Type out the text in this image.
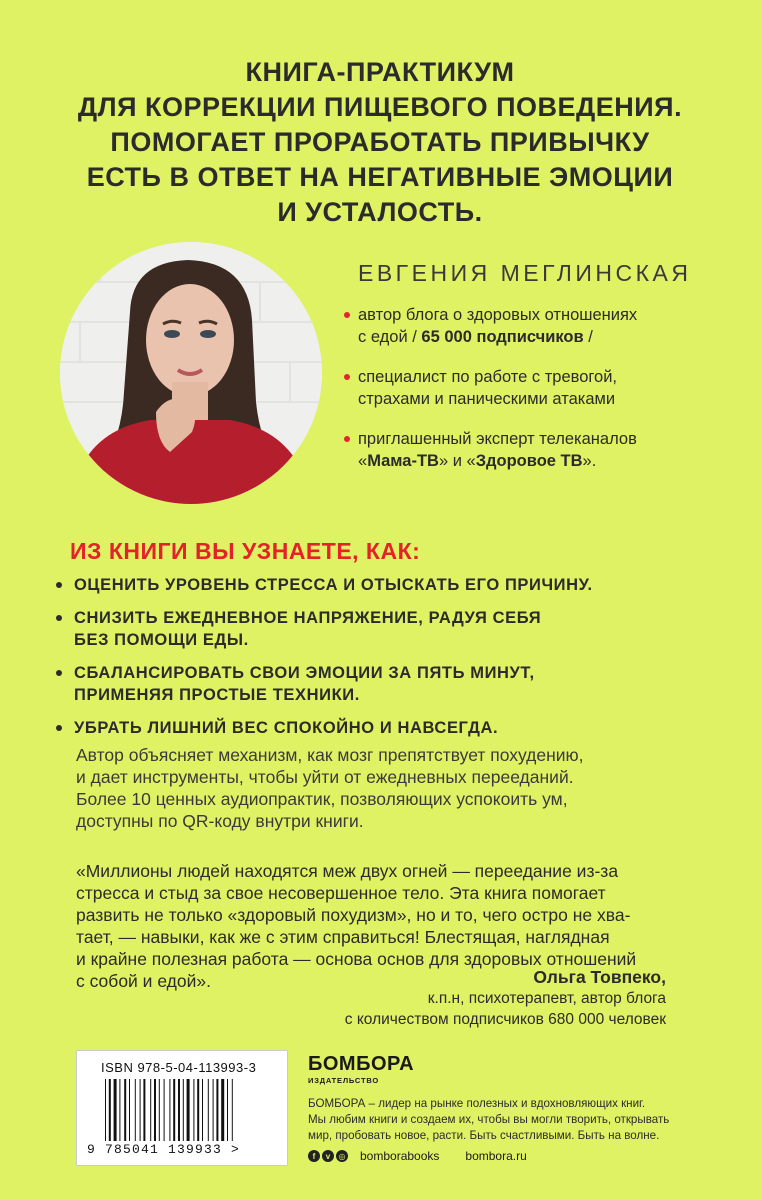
КНИГА-ПРАКТИКУМ
ДЛЯ КОРРЕКЦИИ ПИЩЕВОГО ПОВЕДЕНИЯ.
ПОМОГАЕТ ПРОРАБОТАТЬ ПРИВЫЧКУ
ЕСТЬ В ОТВЕТ НА НЕГАТИВНЫЕ ЭМОЦИИ
И УСТАЛОСТЬ.
ЕВГЕНИЯ МЕГЛИНСКАЯ
автор блога о здоровых отношениях
с едой / 65 000 подписчиков /
специалист по работе с тревогой,
страхами и паническими атаками
приглашенный эксперт телеканалов
«Мама-ТВ» и «Здоровое ТВ».
ИЗ КНИГИ ВЫ УЗНАЕТЕ, КАК:
ОЦЕНИТЬ УРОВЕНЬ СТРЕССА И ОТЫСКАТЬ ЕГО ПРИЧИНУ.
СНИЗИТЬ ЕЖЕДНЕВНОЕ НАПРЯЖЕНИЕ, РАДУЯ СЕБЯ
БЕЗ ПОМОЩИ ЕДЫ.
СБАЛАНСИРОВАТЬ СВОИ ЭМОЦИИ ЗА ПЯТЬ МИНУТ,
ПРИМЕНЯЯ ПРОСТЫЕ ТЕХНИКИ.
УБРАТЬ ЛИШНИЙ ВЕС СПОКОЙНО И НАВСЕГДА.
Автор объясняет механизм, как мозг препятствует похудению,
и дает инструменты, чтобы уйти от ежедневных перееданий.
Более 10 ценных аудиопрактик, позволяющих успокоить ум,
доступны по QR-коду внутри книги.
«Миллионы людей находятся меж двух огней — переедание из-за
стресса и стыд за свое несовершенное тело. Эта книга помогает
развить не только «здоровый похудизм», но и то, чего остро не хва-
тает, — навыки, как же с этим справиться! Блестящая, наглядная
и крайне полезная работа — основа основ для здоровых отношений
с собой и едой».	Ольга Товпеко,
к.п.н, психотерапевт, автор блога
с количеством подписчиков 680 000 человек
ISBN 978-5-04-113993-3
9 785041 139933 >
БОМБОРА
ИЗДАТЕЛЬСТВО
БОМБОРА – лидер на рынке полезных и вдохновляющих книг.
Мы любим книги и создаем их, чтобы вы могли творить, открывать
мир, пробовать новое, расти. Быть счастливыми. Быть на волне.
f	v	◎ bomborabooks bombora.ru
